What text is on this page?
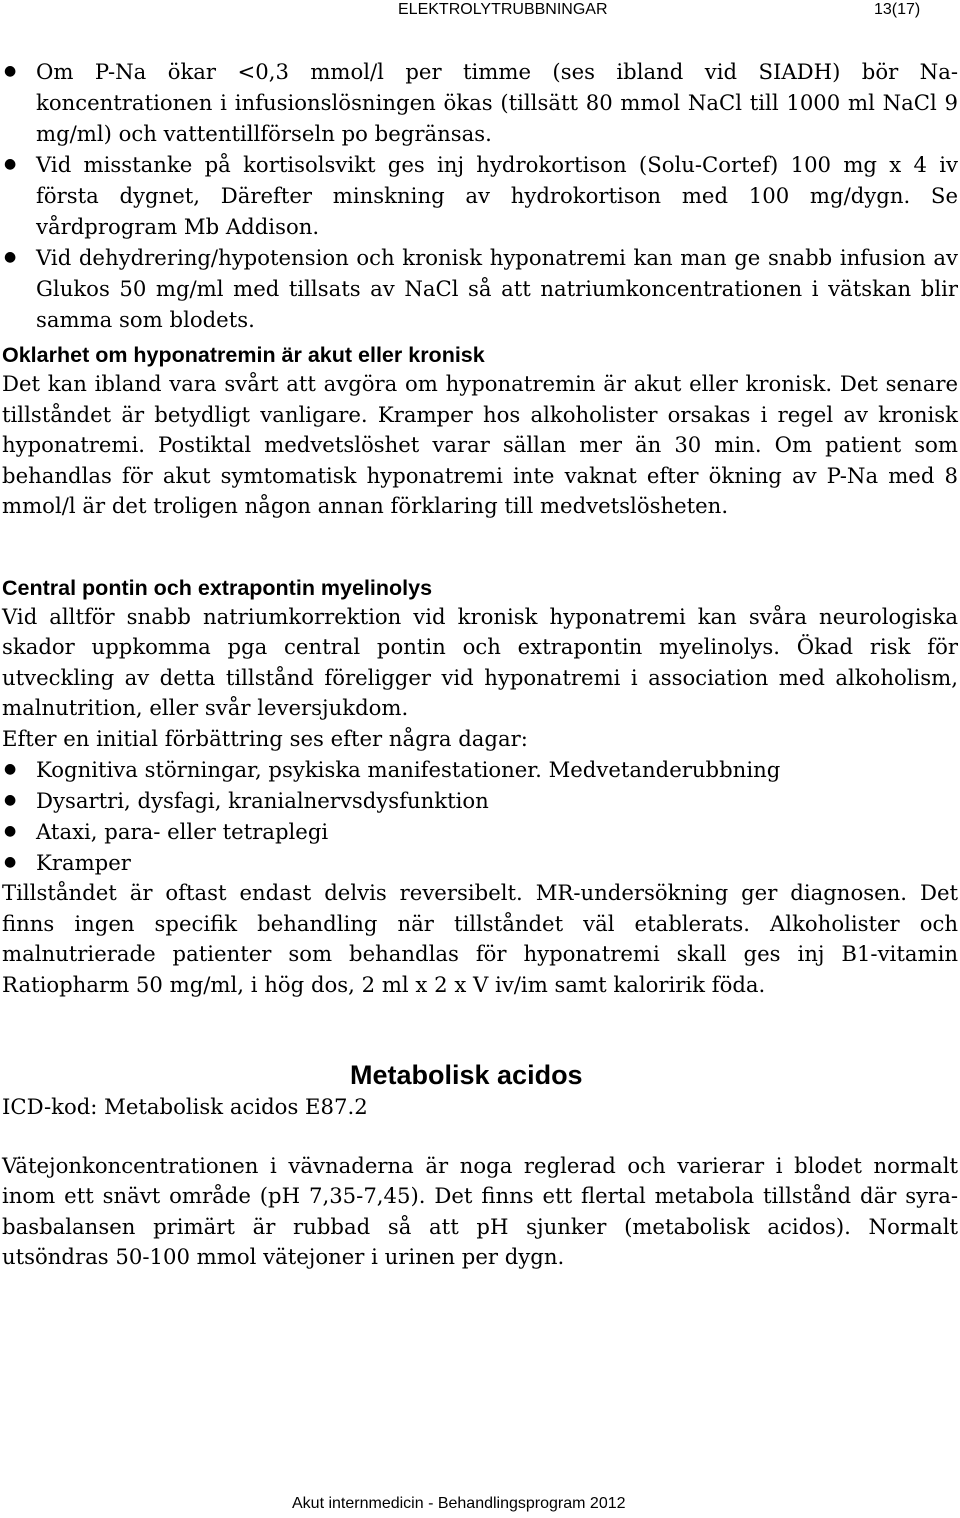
ELEKTROLYTRUBBNINGAR	13(17)
● Om P-Na ökar <0,3 mmol/l per timme (ses ibland vid SIADH) bör Na-koncentrationen i infusionslösningen ökas (tillsätt 80 mmol NaCl till 1000 ml NaCl 9 mg/ml) och vattentillförseln po begränsas.
● Vid misstanke på kortisolsvikt ges inj hydrokortison (Solu-Cortef) 100 mg x 4 iv första dygnet, Därefter minskning av hydrokortison med 100 mg/dygn. Se vårdprogram Mb Addison.
● Vid dehydrering/hypotension och kronisk hyponatremi kan man ge snabb infusion av Glukos 50 mg/ml med tillsats av NaCl så att natriumkoncentrationen i vätskan blir samma som blodets.
Oklarhet om hyponatremin är akut eller kronisk

Det kan ibland vara svårt att avgöra om hyponatremin är akut eller kronisk. Det senare tillståndet är betydligt vanligare. Kramper hos alkoholister orsakas i regel av kronisk hyponatremi. Postiktal medvetslöshet varar sällan mer än 30 min. Om patient som behandlas för akut symtomatisk hyponatremi inte vaknat efter ökning av P-Na med 8 mmol/l är det troligen någon annan förklaring till medvetslösheten.

Central pontin och extrapontin myelinolys

Vid alltför snabb natriumkorrektion vid kronisk hyponatremi kan svåra neurologiska skador uppkomma pga central pontin och extrapontin myelinolys. Ökad risk för utveckling av detta tillstånd föreligger vid hyponatremi i association med alkoholism, malnutrition, eller svår leversjukdom.

Efter en initial förbättring ses efter några dagar:

● Kognitiva störningar, psykiska manifestationer. Medvetanderubbning
● Dysartri, dysfagi, kranialnervsdysfunktion
● Ataxi, para- eller tetraplegi
● Kramper

Tillståndet är oftast endast delvis reversibelt. MR-undersökning ger diagnosen. Det finns ingen specifik behandling när tillståndet väl etablerats. Alkoholister och malnutrierade patienter som behandlas för hyponatremi skall ges inj B1-vitamin Ratiopharm 50 mg/ml, i hög dos, 2 ml x 2 x V iv/im samt kaloririk föda.

Metabolisk acidos

ICD-kod: Metabolisk acidos E87.2

Vätejonkoncentrationen i vävnaderna är noga reglerad och varierar i blodet normalt inom ett snävt område (pH 7,35-7,45). Det finns ett flertal metabola tillstånd där syra-basbalansen primärt är rubbad så att pH sjunker (metabolisk acidos). Normalt utsöndras 50-100 mmol vätejoner i urinen per dygn.

Akut internmedicin - Behandlingsprogram 2012
